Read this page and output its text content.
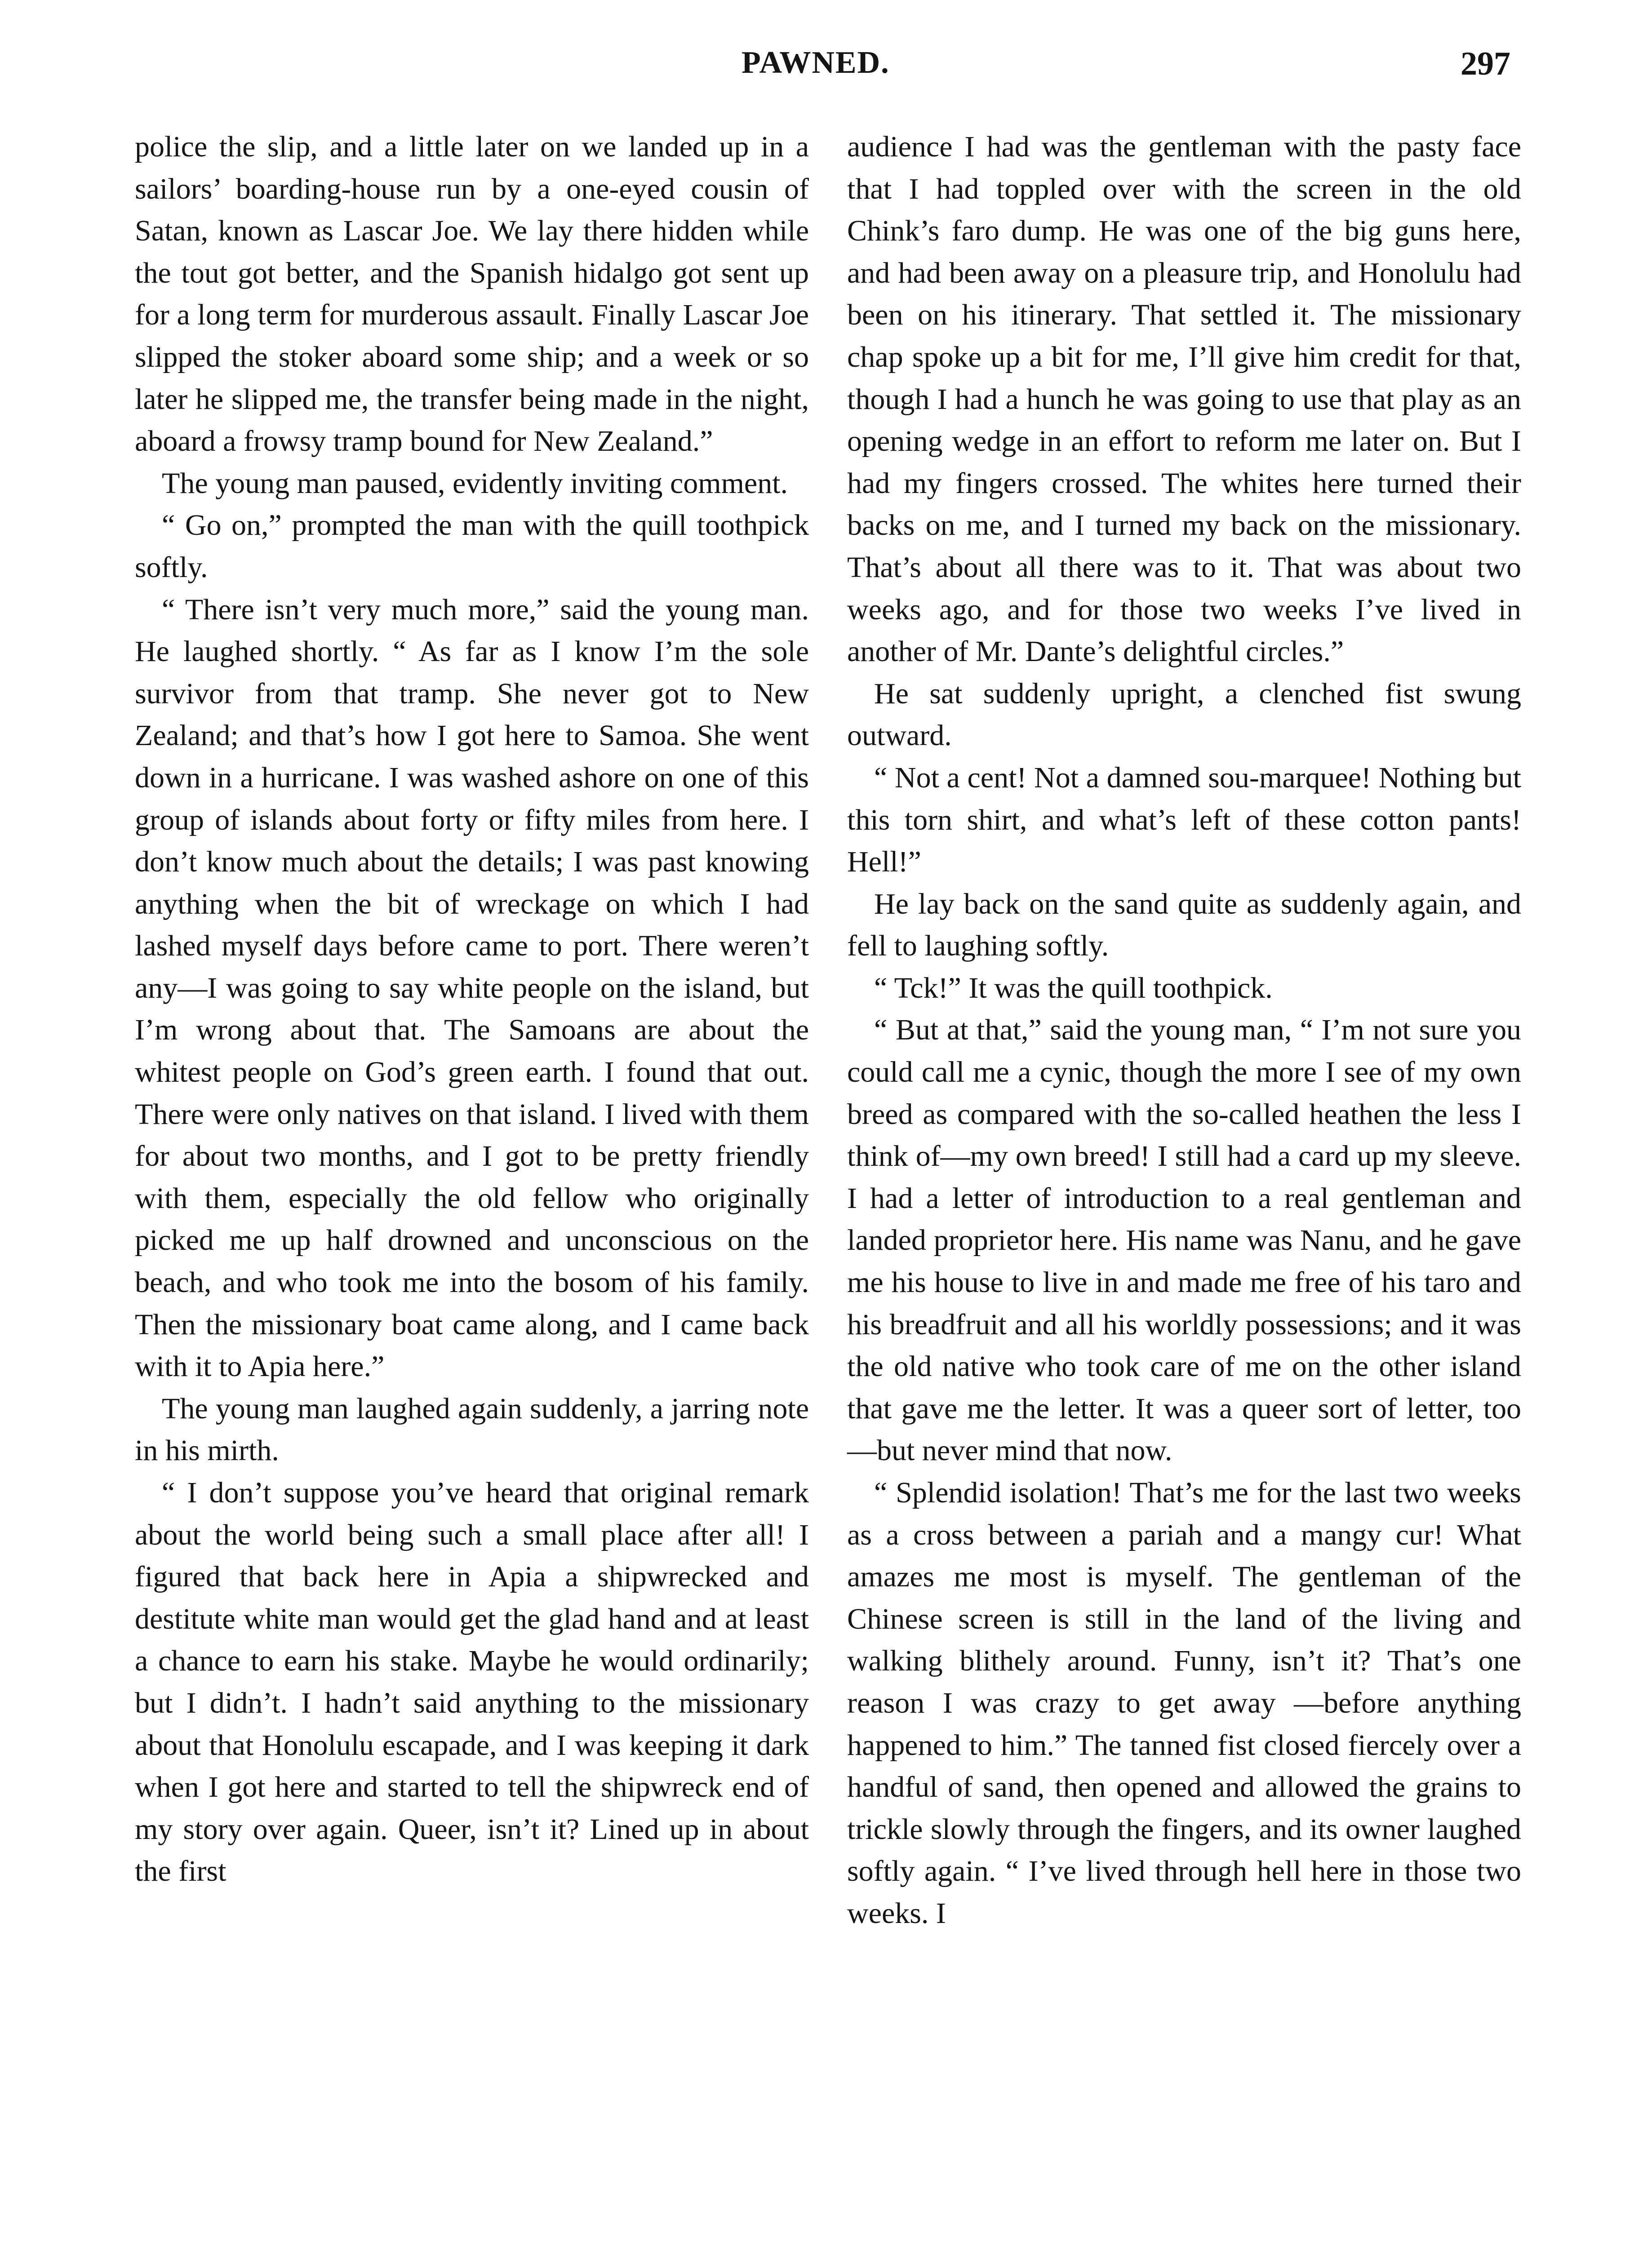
PAWNED.	297

police the slip, and a little later on we landed up in a sailors’ boarding-house run by a one-eyed cousin of Satan, known as Lascar Joe. We lay there hidden while the tout got better, and the Spanish hidalgo got sent up for a long term for murderous assault. Finally Lascar Joe slipped the stoker aboard some ship; and a week or so later he slipped me, the transfer being made in the night, aboard a frowsy tramp bound for New Zealand.”

The young man paused, evidently inviting comment.

“ Go on,” prompted the man with the quill toothpick softly.

“ There isn’t very much more,” said the young man. He laughed shortly. “ As far as I know I’m the sole survivor from that tramp. She never got to New Zealand; and that’s how I got here to Samoa. She went down in a hurricane. I was washed ashore on one of this group of islands about forty or fifty miles from here. I don’t know much about the details; I was past knowing anything when the bit of wreckage on which I had lashed myself days before came to port. There weren’t any—I was going to say white people on the island, but I’m wrong about that. The Samoans are about the whitest people on God’s green earth. I found that out. There were only natives on that island. I lived with them for about two months, and I got to be pretty friendly with them, especially the old fellow who originally picked me up half drowned and unconscious on the beach, and who took me into the bosom of his family. Then the missionary boat came along, and I came back with it to Apia here.”

The young man laughed again suddenly, a jarring note in his mirth.

“ I don’t suppose you’ve heard that original remark about the world being such a small place after all! I figured that back here in Apia a shipwrecked and destitute white man would get the glad hand and at least a chance to earn his stake. Maybe he would ordinarily; but I didn’t. I hadn’t said anything to the missionary about that Honolulu escapade, and I was keeping it dark when I got here and started to tell the shipwreck end of my story over again. Queer, isn’t it? Lined up in about the first

audience I had was the gentleman with the pasty face that I had toppled over with the screen in the old Chink’s faro dump. He was one of the big guns here, and had been away on a pleasure trip, and Honolulu had been on his itinerary. That settled it. The missionary chap spoke up a bit for me, I’ll give him credit for that, though I had a hunch he was going to use that play as an opening wedge in an effort to reform me later on. But I had my fingers crossed. The whites here turned their backs on me, and I turned my back on the missionary. That’s about all there was to it. That was about two weeks ago, and for those two weeks I’ve lived in another of Mr. Dante’s delightful circles.”

He sat suddenly upright, a clenched fist swung outward.

“ Not a cent! Not a damned sou-marquee! Nothing but this torn shirt, and what’s left of these cotton pants! Hell!”

He lay back on the sand quite as suddenly again, and fell to laughing softly.

“ Tck!” It was the quill toothpick.

“ But at that,” said the young man, “ I’m not sure you could call me a cynic, though the more I see of my own breed as compared with the so-called heathen the less I think of—my own breed! I still had a card up my sleeve. I had a letter of introduction to a real gentleman and landed proprietor here. His name was Nanu, and he gave me his house to live in and made me free of his taro and his breadfruit and all his worldly possessions; and it was the old native who took care of me on the other island that gave me the letter. It was a queer sort of letter, too—but never mind that now.

“ Splendid isolation! That’s me for the last two weeks as a cross between a pariah and a mangy cur! What amazes me most is myself. The gentleman of the Chinese screen is still in the land of the living and walking blithely around. Funny, isn’t it? That’s one reason I was crazy to get away —before anything happened to him.” The tanned fist closed fiercely over a handful of sand, then opened and allowed the grains to trickle slowly through the fingers, and its owner laughed softly again. “ I’ve lived through hell here in those two weeks. I
